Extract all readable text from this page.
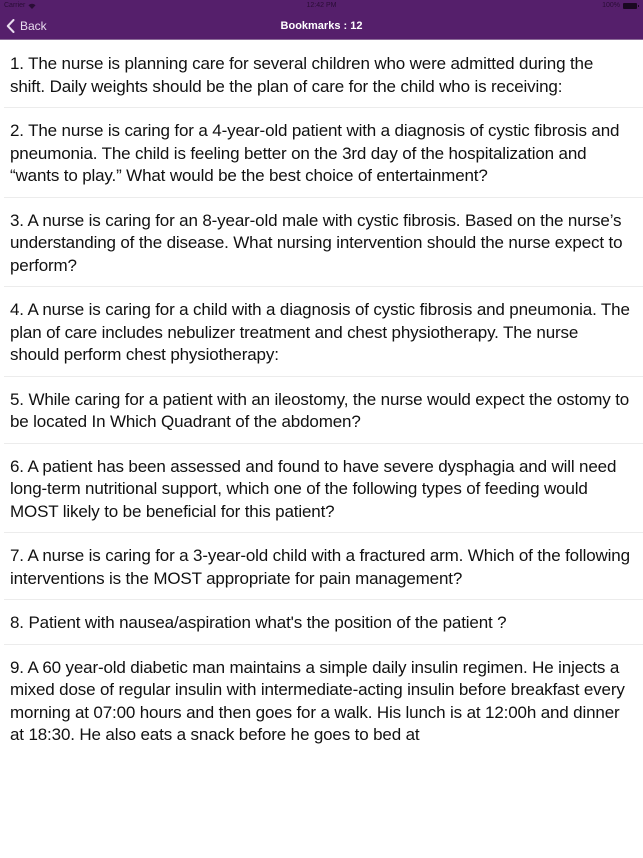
Carrier	12:42 PM	100%
Back	Bookmarks : 12
1. The nurse is planning care for several children who were admitted during the shift. Daily weights should be the plan of care for the child who is receiving:
2. The nurse is caring for a 4-year-old patient with a diagnosis of cystic fibrosis and pneumonia. The child is feeling better on the 3rd day of the hospitalization and “wants to play.” What would be the best choice of entertainment?
3. A nurse is caring for an 8-year-old male with cystic fibrosis. Based on the nurse’s understanding of the disease. What nursing intervention should the nurse expect to perform?
4. A nurse is caring for a child with a diagnosis of cystic fibrosis and pneumonia. The plan of care includes nebulizer treatment and chest physiotherapy. The nurse should perform chest physiotherapy:
5. While caring for a patient with an ileostomy, the nurse would expect the ostomy to be located In Which Quadrant of the abdomen?
6. A patient has been assessed and found to have severe dysphagia and will need long-term nutritional support, which one of the following types of feeding would MOST likely to be beneficial for this patient?
7. A nurse is caring for a 3-year-old child with a fractured arm. Which of the following interventions is the MOST appropriate for pain management?
8. Patient with nausea/aspiration what's the position of the patient ?
9. A 60 year-old diabetic man maintains a simple daily insulin regimen. He injects a mixed dose of regular insulin with intermediate-acting insulin before breakfast every morning at 07:00 hours and then goes for a walk. His lunch is at 12:00h and dinner at 18:30. He also eats a snack before he goes to bed at
